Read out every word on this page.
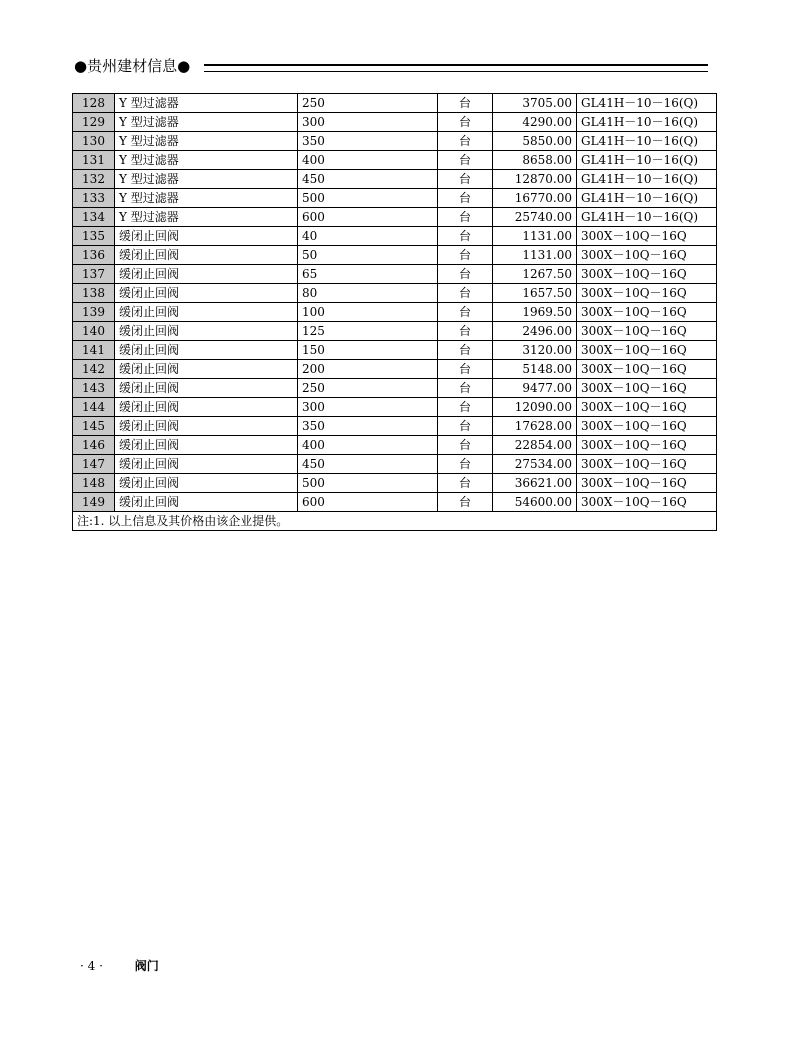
●贵州建材信息●
128	Y 型过滤器	250	台	3705.00	GL41H－10－16(Q)
129	Y 型过滤器	300	台	4290.00	GL41H－10－16(Q)
130	Y 型过滤器	350	台	5850.00	GL41H－10－16(Q)
131	Y 型过滤器	400	台	8658.00	GL41H－10－16(Q)
132	Y 型过滤器	450	台	12870.00	GL41H－10－16(Q)
133	Y 型过滤器	500	台	16770.00	GL41H－10－16(Q)
134	Y 型过滤器	600	台	25740.00	GL41H－10－16(Q)
135	缓闭止回阀	40	台	1131.00	300X－10Q－16Q
136	缓闭止回阀	50	台	1131.00	300X－10Q－16Q
137	缓闭止回阀	65	台	1267.50	300X－10Q－16Q
138	缓闭止回阀	80	台	1657.50	300X－10Q－16Q
139	缓闭止回阀	100	台	1969.50	300X－10Q－16Q
140	缓闭止回阀	125	台	2496.00	300X－10Q－16Q
141	缓闭止回阀	150	台	3120.00	300X－10Q－16Q
142	缓闭止回阀	200	台	5148.00	300X－10Q－16Q
143	缓闭止回阀	250	台	9477.00	300X－10Q－16Q
144	缓闭止回阀	300	台	12090.00	300X－10Q－16Q
145	缓闭止回阀	350	台	17628.00	300X－10Q－16Q
146	缓闭止回阀	400	台	22854.00	300X－10Q－16Q
147	缓闭止回阀	450	台	27534.00	300X－10Q－16Q
148	缓闭止回阀	500	台	36621.00	300X－10Q－16Q
149	缓闭止回阀	600	台	54600.00	300X－10Q－16Q
注:1. 以上信息及其价格由该企业提供。					
· 4 ·	阀门
